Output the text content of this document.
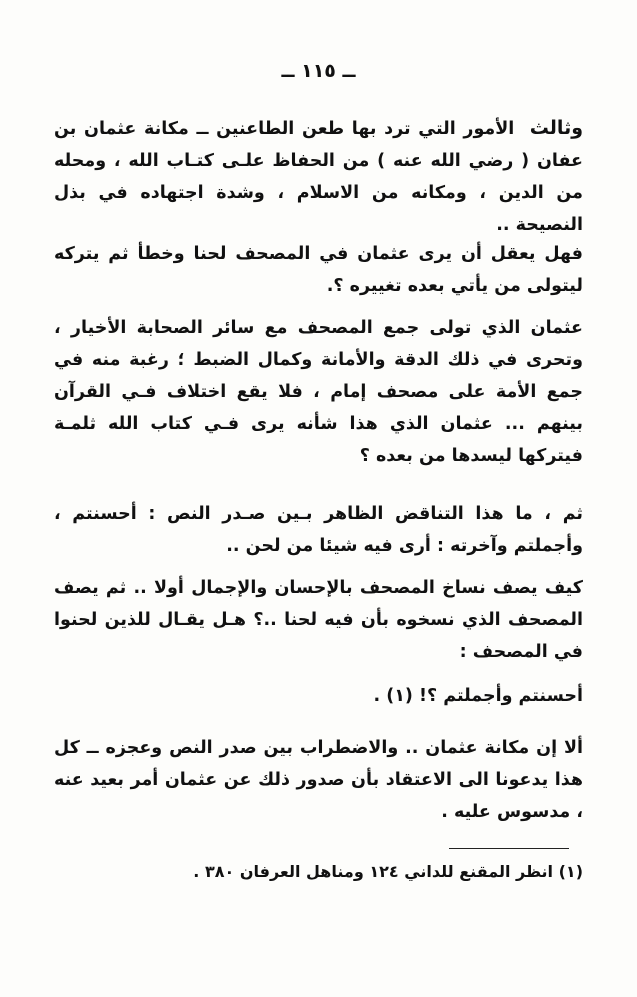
ــ ١١٥ ــ
وثالث  الأمور التي ترد بها طعن الطاعنين ــ مكانة عثمان بن عفان ( رضي الله عنه ) من الحفاظ علـى كتـاب الله ، ومحله من الدين ، ومكانه من الاسلام ، وشدة اجتهاده في بذل النصيحة ..
فهل يعقل أن يرى عثمان في المصحف لحنا وخطأ ثم يتركه ليتولى من يأتي بعده تغييره ؟.
عثمان الذي تولى جمع المصحف مع سائر الصحابة الأخيار ، وتحرى في ذلك الدقة والأمانة وكمال الضبط ؛ رغبة منه في جمع الأمة على مصحف إمام ، فلا يقع اختلاف فـي القرآن بينهم ... عثمان الذي هذا شأنه يرى فـي كتاب الله ثلمـة فيتركها ليسدها من بعده ؟
ثم ، ما هذا التناقض الظاهر بـين صـدر النص : أحسنتم ، وأجملتم وآخرته : أرى فيه شيئا من لحن ..
كيف يصف نساخ المصحف بالإحسان والإجمال أولا .. ثم يصف المصحف الذي نسخوه بأن فيه لحنا ..؟ هـل يقـال للذين لحنوا في المصحف :
أحسنتم وأجملتم ؟! (١) .
ألا إن مكانة عثمان .. والاضطراب بين صدر النص وعجزه ــ كل هذا يدعونا الى الاعتقاد بأن صدور ذلك عن عثمان أمر بعيد عنه ، مدسوس عليه .
(١) انظر المقنع للداني ١٢٤ ومناهل العرفان ٣٨٠ .
